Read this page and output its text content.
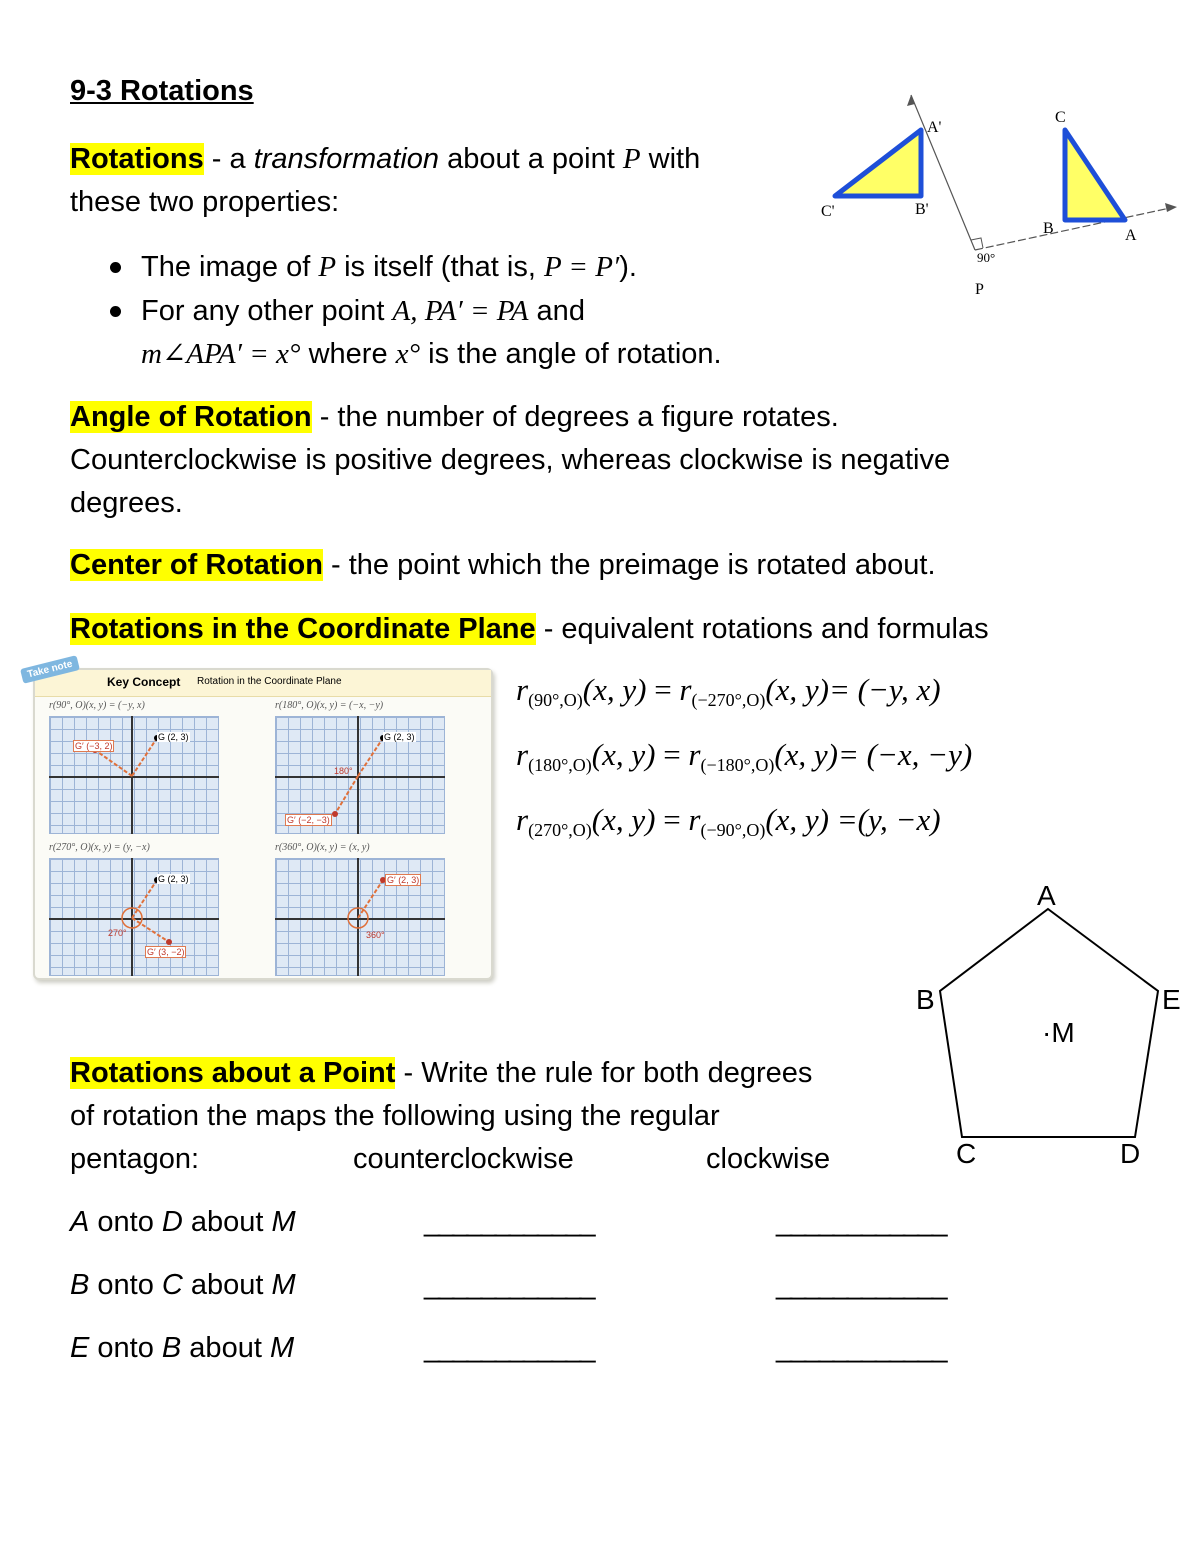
9-3 Rotations
Rotations - a transformation about a point P with
these two properties:
The image of P is itself (that is, P = P′).
For any other point A, PA′ = PA and
m∠APA′ = x° where x° is the angle of rotation.
A'
B'
C'
C
B	A
90°
P
Angle of Rotation - the number of degrees a figure rotates.
Counterclockwise is positive degrees, whereas clockwise is negative
degrees.
Center of Rotation - the point which the preimage is rotated about.
Rotations in the Coordinate Plane - equivalent rotations and formulas
Take note
Key Concept Rotation in the Coordinate Plane
r(90°, O)(x, y) = (−y, x)
G (2, 3)
G′ (−3, 2)
r(180°, O)(x, y) = (−x, −y)
G (2, 3)
G′ (−2, −3)
180°
r(270°, O)(x, y) = (y, −x)
G (2, 3)
G′ (3, −2)
270°
r(360°, O)(x, y) = (x, y)
G′ (2, 3)
360°
$r_{(90^\circ,O)}(x$, $y) = r_{(-270^\circ,O)}(x$, y)= (−y, x)
$r_{(180^\circ,O)}(x$, $y) = r_{(-180^\circ,O)}(x$, y)= (−x, −y)
$r_{(270^\circ,O)}(x$, $y) = r_{(-90^\circ,O)}(x$, y) =(y, −x)
A
B
C	D
E
·M
Rotations about a Point - Write the rule for both degrees
of rotation the maps the following using the regular
pentagon:	counterclockwise	clockwise
A onto D about M	____________	____________
B onto C about M	____________	____________
E onto B about M	____________	____________
